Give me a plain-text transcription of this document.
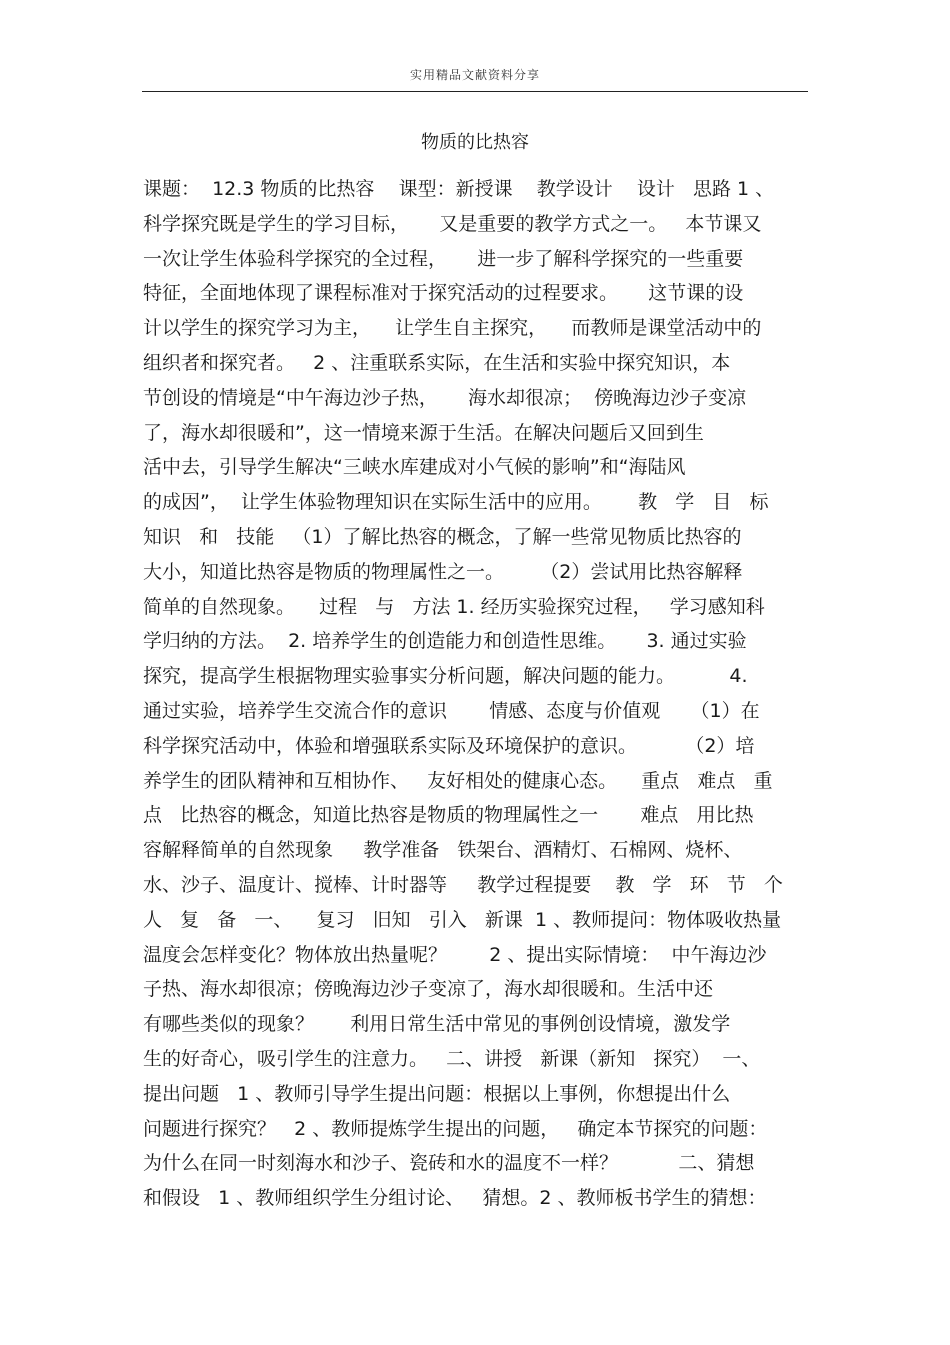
实用精品文献资料分享
物质的比热容
课题：  12.3 物质的比热容    课型：新授课    教学设计    设计   思路 1 、
科学探究既是学生的学习目标，     又是重要的教学方式之一。   本节课又
一次让学生体验科学探究的全过程，     进一步了解科学探究的一些重要
特征，全面地体现了课程标准对于探究活动的过程要求。     这节课的设
计以学生的探究学习为主，    让学生自主探究，    而教师是课堂活动中的
组织者和探究者。   2 、注重联系实际，在生活和实验中探究知识，本
节创设的情境是“中午海边沙子热，     海水却很凉；  傍晚海边沙子变凉
了，海水却很暖和”，这一情境来源于生活。在解决问题后又回到生
活中去，引导学生解决“三峡水库建成对小气候的影响”和“海陆风
的成因”，  让学生体验物理知识在实际生活中的应用。      教   学   目   标
知识   和   技能   （1）了解比热容的概念，了解一些常见物质比热容的
大小，知道比热容是物质的物理属性之一。      （2）尝试用比热容解释
简单的自然现象。    过程   与   方法 1. 经历实验探究过程，   学习感知科
学归纳的方法。  2. 培养学生的创造能力和创造性思维。     3. 通过实验
探究，提高学生根据物理实验事实分析问题，解决问题的能力。         4.
通过实验，培养学生交流合作的意识       情感、态度与价值观     （1）在
科学探究活动中，体验和增强联系实际及环境保护的意识。        （2）培
养学生的团队精神和互相协作、   友好相处的健康心态。    重点   难点   重
点   比热容的概念，知道比热容是物质的物理属性之一       难点   用比热
容解释简单的自然现象     教学准备   铁架台、酒精灯、石棉网、烧杯、
水、沙子、温度计、搅棒、计时器等     教学过程提要    教   学   环   节   个
人   复   备   一、    复习   旧知   引入   新课  1 、教师提问：物体吸收热量
温度会怎样变化？物体放出热量呢？       2 、提出实际情境：  中午海边沙
子热、海水却很凉；傍晚海边沙子变凉了，海水却很暖和。生活中还
有哪些类似的现象？      利用日常生活中常见的事例创设情境，激发学
生的好奇心，吸引学生的注意力。   二、讲授   新课（新知   探究）  一、
提出问题   1 、教师引导学生提出问题：根据以上事例，你想提出什么
问题进行探究？   2 、教师提炼学生提出的问题，   确定本节探究的问题：
为什么在同一时刻海水和沙子、瓷砖和水的温度不一样？          二、猜想
和假设   1 、教师组织学生分组讨论、   猜想。2 、教师板书学生的猜想：
